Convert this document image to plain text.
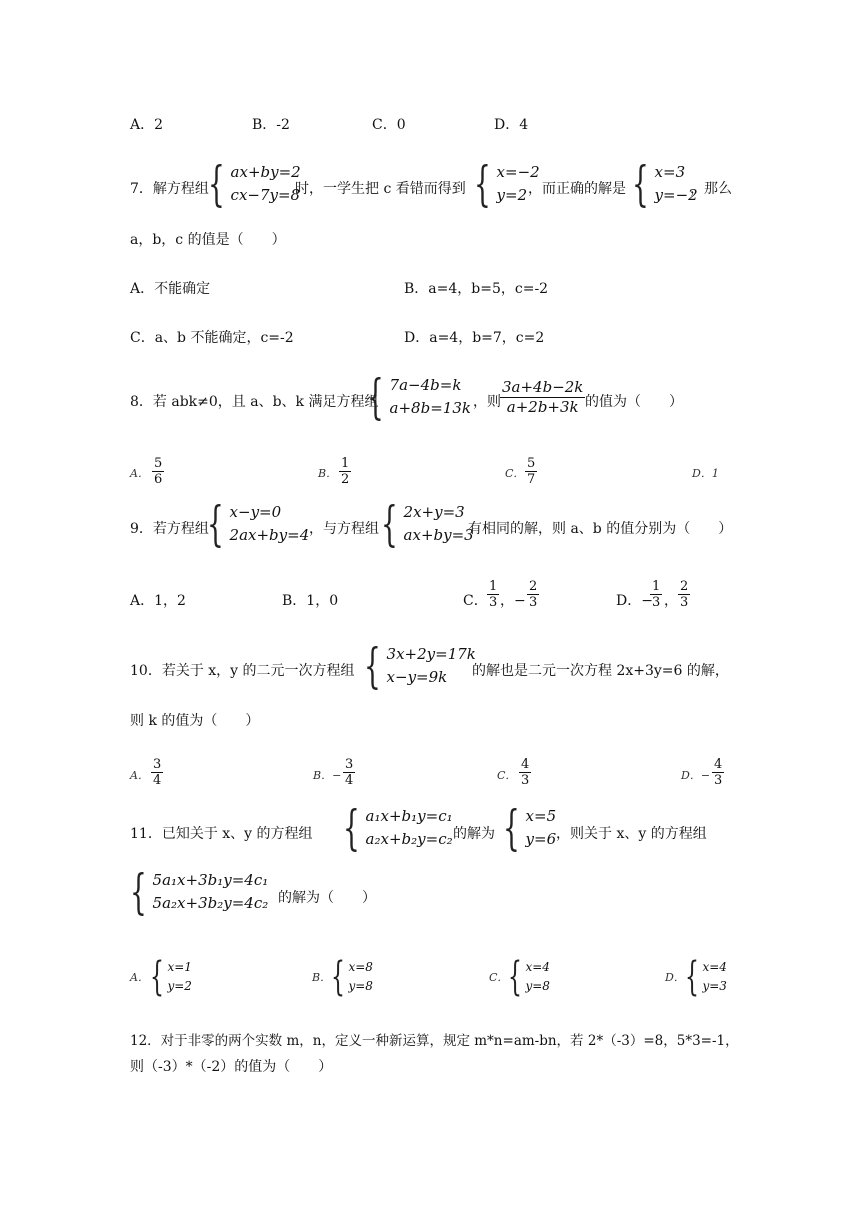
A．2	B．-2	C．0	D．4
7．解方程组 { ax+by=2
cx−7y=8
时，一学生把 c 看错而得到 { x=−2
y=2 ，而正确的解是 { x=3
y=−2
，那么
a，b，c 的值是（　　）
A．不能确定	B．a=4，b=5，c=-2
C．a、b 不能确定，c=-2	D．a=4，b=7，c=2
8．若 abk≠0，且 a、b、k 满足方程组
{ 7a−4b=k
a+8b=13k ，则 $\frac{3a+4b-2k}{a+2b+3k}$ 的值为（　　）
A． $\frac{5}{6}$	B． $\frac{1}{2}$	C． $\frac{5}{7}$	D．1
9．若方程组
{ x−y=0
2ax+by=4 ，与方程组 { 2x+y=3
ax+by=3
有相同的解，则 a、b 的值分别为（　　）
A．1，2	B．1，0	C． $\frac{1}{3}$ ，− $\frac{2}{3}$	D．−
$\frac{1}{3}$ ， $\frac{2}{3}$
10．若关于 x，y 的二元一次方程组 { 3x+2y=17k
x−y=9k	的解也是二元一次方程 2x+3y=6 的解，
则 k 的值为（　　）
A． $\frac{3}{4}$	B．− $\frac{3}{4}$	C． $\frac{4}{3}$	D．− $\frac{4}{3}$
11．已知关于 x、y 的方程组 { a₁x+b₁y=c₁
a₂x+b₂y=c₂ 的解为 { x=5
y=6 ，则关于 x、y 的方程组
{ 5a₁x+3b₁y=4c₁
5a₂x+3b₂y=4c₂ 的解为（　　）
A． { x=1
y=2
B． { x=8
y=8
C． { x=4
y=8
D． { x=4
y=3
12．对于非零的两个实数 m，n，定义一种新运算，规定 m*n=am-bn，若 2*（-3）=8，5*3=-1，
则（-3）*（-2）的值为（　　）
